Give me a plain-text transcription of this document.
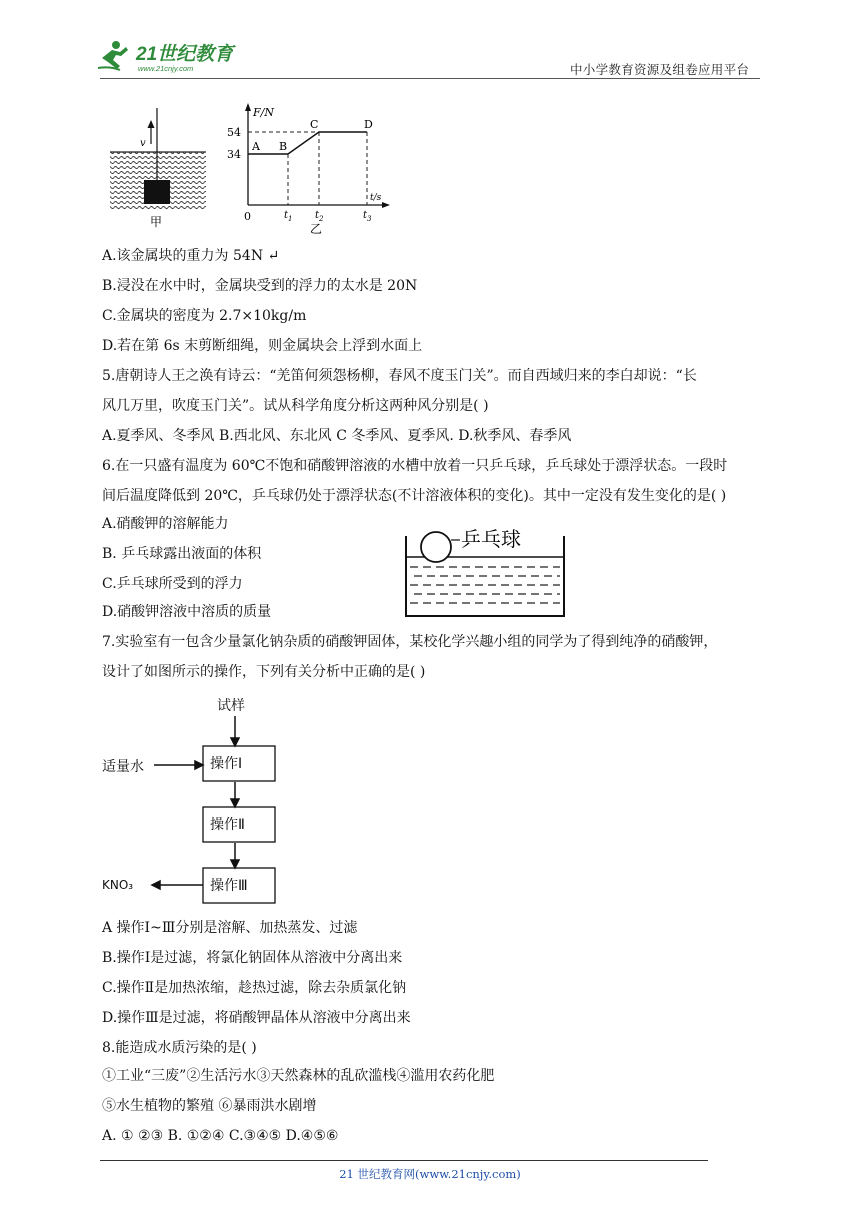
21世纪教育
www.21cnjy.com	中小学教育资源及组卷应用平台
v
甲
F/N
t/s
54
34
0
A B
C	D
t 1 t 2	t 3
乙
A.该金属块的重力为 54N ↵
B.浸没在水中时，金属块受到的浮力的太水是 20N
C.金属块的密度为 2.7×10kg/m
D.若在第 6s 末剪断细绳，则金属块会上浮到水面上
5.唐朝诗人王之涣有诗云：“羌笛何须怨杨柳，春风不度玉门关”。而自西域归来的李白却说：“长
风几万里，吹度玉门关”。试从科学角度分析这两种风分别是( )
A.夏季风、冬季风 B.西北风、东北风 C 冬季风、夏季风. D.秋季风、春季风
6.在一只盛有温度为 60℃不饱和硝酸钾溶液的水槽中放着一只乒乓球，乒乓球处于漂浮状态。一段时
间后温度降低到 20℃，乒乓球仍处于漂浮状态(不计溶液体积的变化)。其中一定没有发生变化的是( )
A.硝酸钾的溶解能力
B. 乒乓球露出液面的体积
C.乒乓球所受到的浮力
D.硝酸钾溶液中溶质的质量
乒乓球
7.实验室有一包含少量氯化钠杂质的硝酸钾固体，某校化学兴趣小组的同学为了得到纯净的硝酸钾，
设计了如图所示的操作，下列有关分析中正确的是( )
试样
适量水	操作Ⅰ
操作Ⅱ
操作Ⅲ
KNO₃
A 操作Ⅰ~Ⅲ分别是溶解、加热蒸发、过滤
B.操作Ⅰ是过滤，将氯化钠固体从溶液中分离出来
C.操作Ⅱ是加热浓缩，趁热过滤，除去杂质氯化钠
D.操作Ⅲ是过滤，将硝酸钾晶体从溶液中分离出来
8.能造成水质污染的是( )
①工业“三废”②生活污水③天然森林的乱砍滥栈④滥用农药化肥
⑤水生植物的繁殖 ⑥暴雨洪水剧增
A. ① ②③ B. ①②④ C.③④⑤ D.④⑤⑥
21 世纪教育网(www.21cnjy.com)
